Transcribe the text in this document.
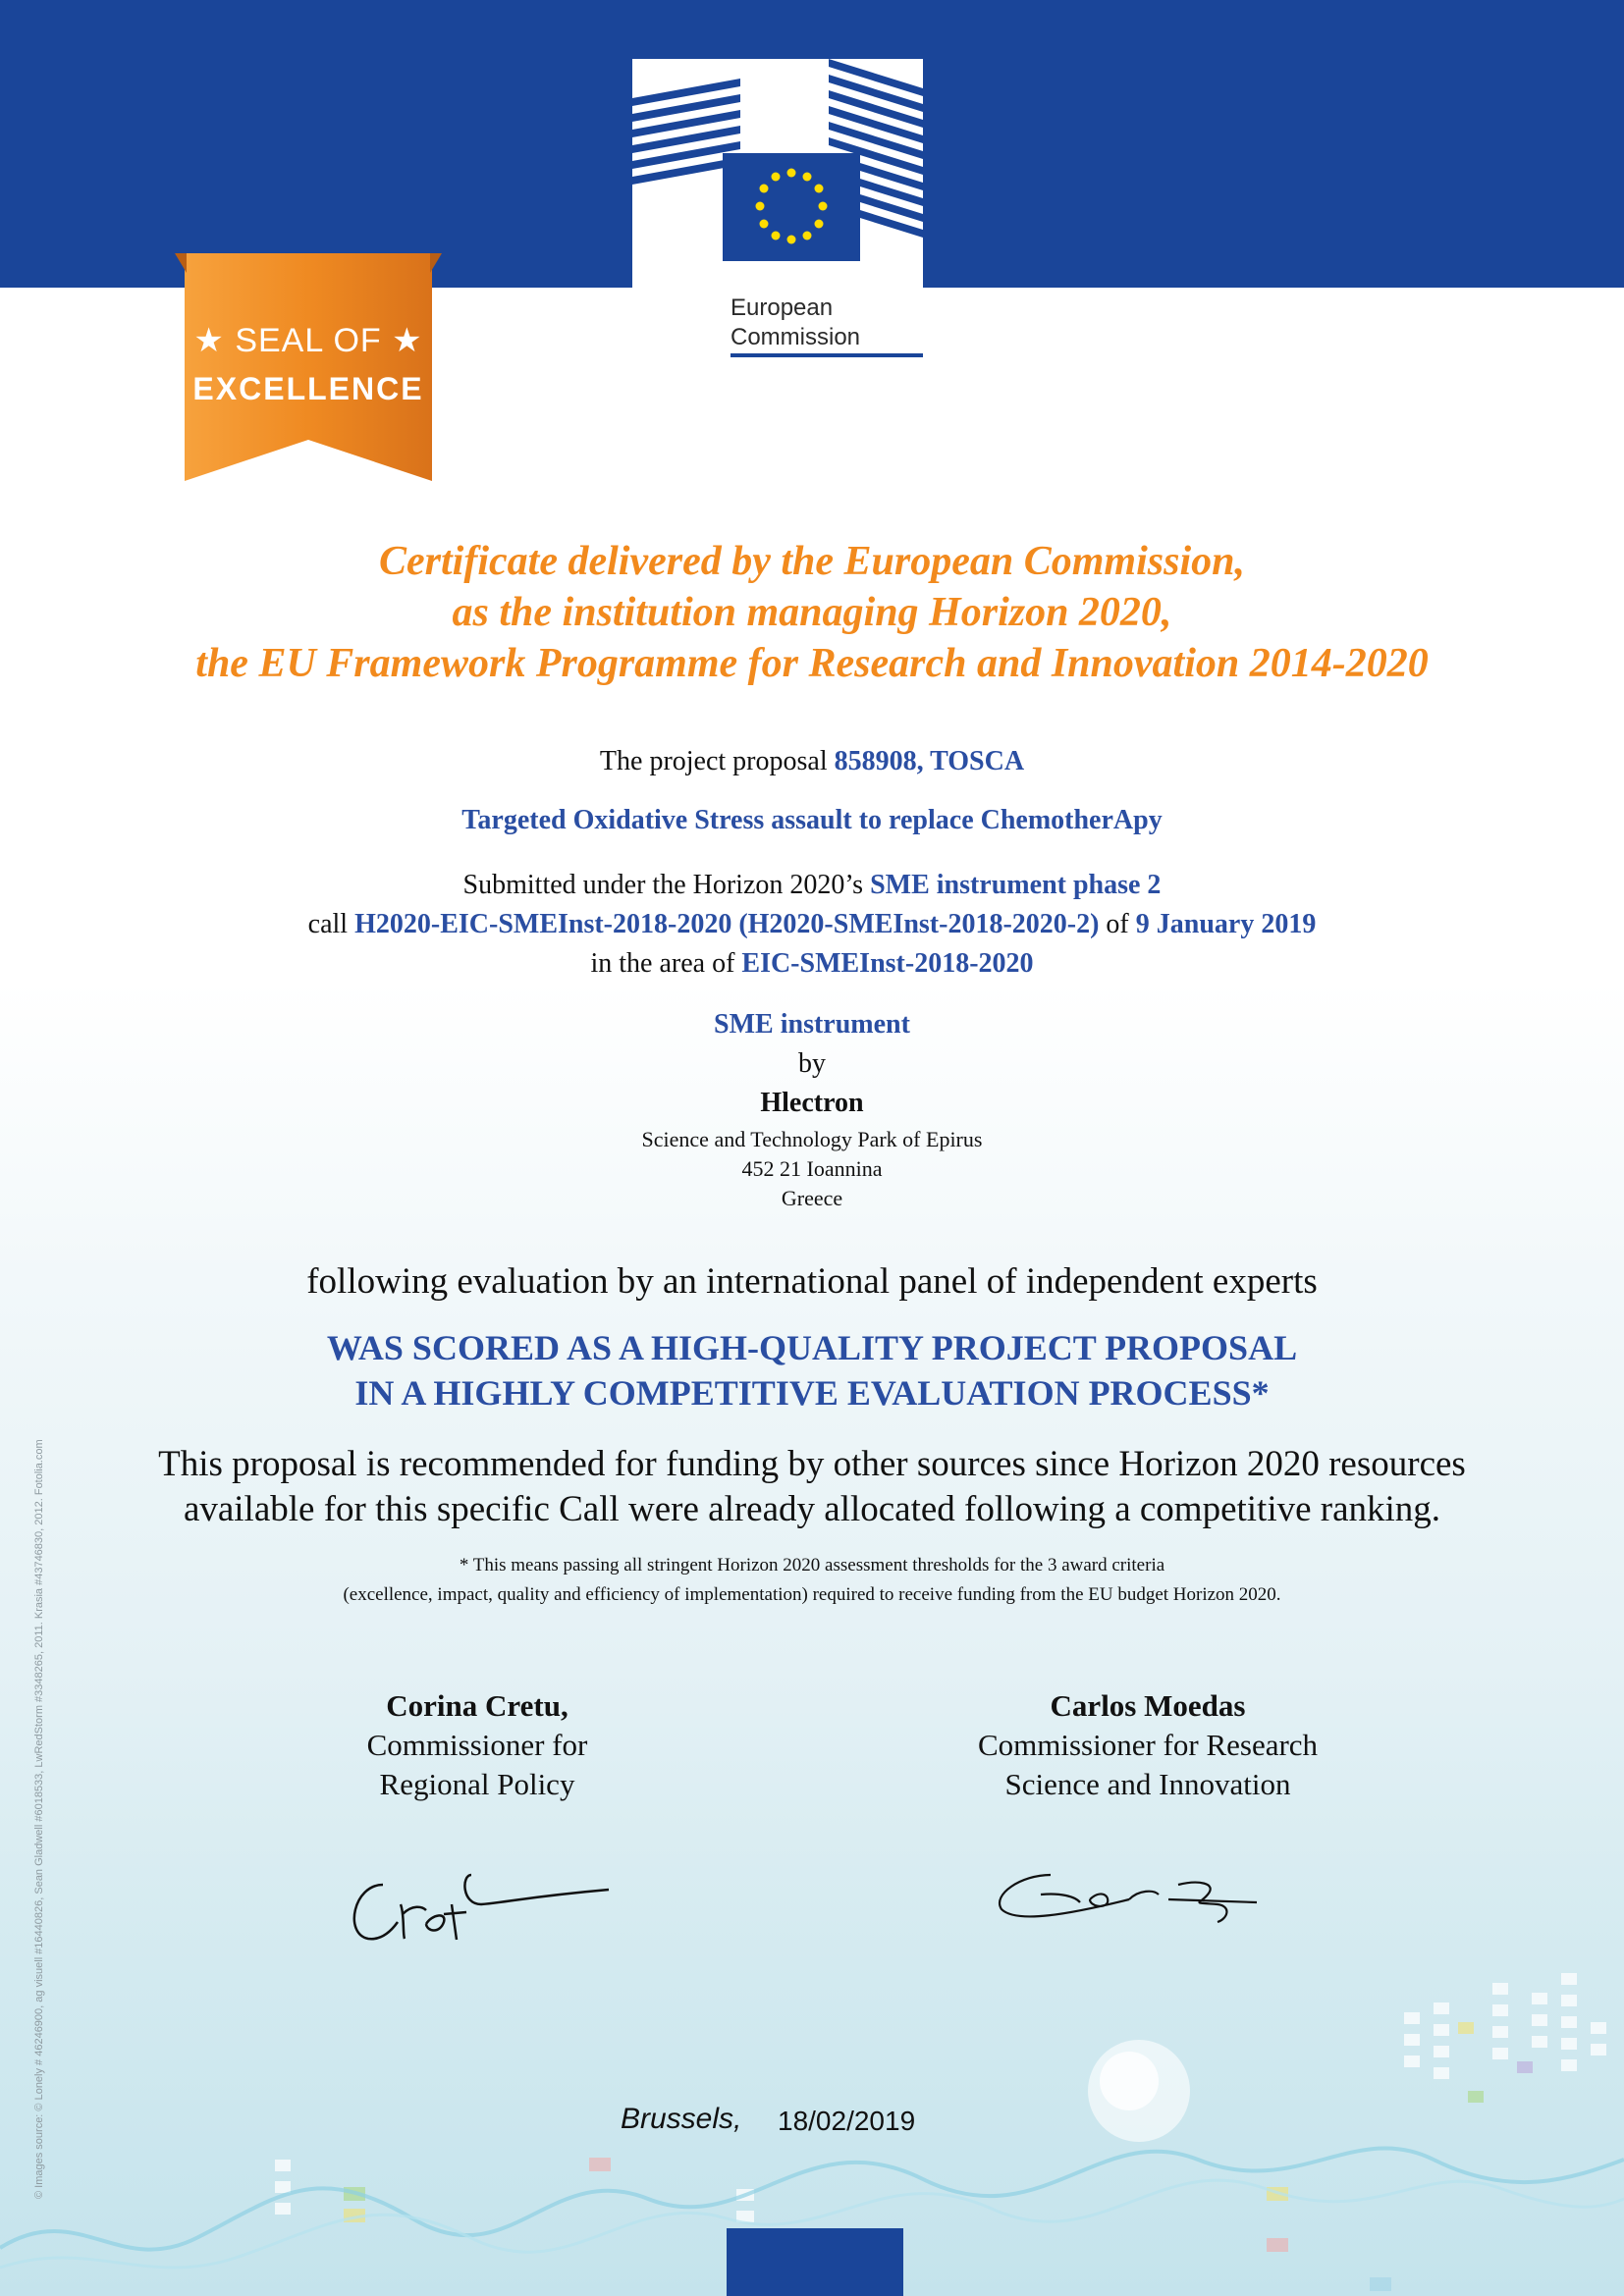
European
Commission
★ SEAL OF ★
EXCELLENCE

Certificate delivered by the European Commission,

as the institution managing Horizon 2020,

the EU Framework Programme for Research and Innovation 2014-2020

The project proposal 858908, TOSCA

Targeted Oxidative Stress assault to replace ChemotherApy

Submitted under the Horizon 2020’s SME instrument phase 2

call H2020-EIC-SMEInst-2018-2020 (H2020-SMEInst-2018-2020-2) of 9 January 2019

in the area of EIC-SMEInst-2018-2020

SME instrument

by

Hlectron

Science and Technology Park of Epirus

452 21 Ioannina

Greece

following evaluation by an international panel of independent experts

WAS SCORED AS A HIGH-QUALITY PROJECT PROPOSAL

IN A HIGHLY COMPETITIVE EVALUATION PROCESS*

This proposal is recommended for funding by other sources since Horizon 2020 resources

available for this specific Call were already allocated following a competitive ranking.

* This means passing all stringent Horizon 2020 assessment thresholds for the 3 award criteria

(excellence, impact, quality and efficiency of implementation) required to receive funding from the EU budget Horizon 2020.

Corina Cretu,
Commissioner for
Regional Policy
Carlos Moedas
Commissioner for Research
Science and Innovation
Brussels, 18/02/2019
© Images source: © Lonely # 46246900, ag visuell #16440826, Sean Gladwell #6018533, LwRedStorm #3348265, 2011. Krasia #43746830, 2012. Fotolia.com
